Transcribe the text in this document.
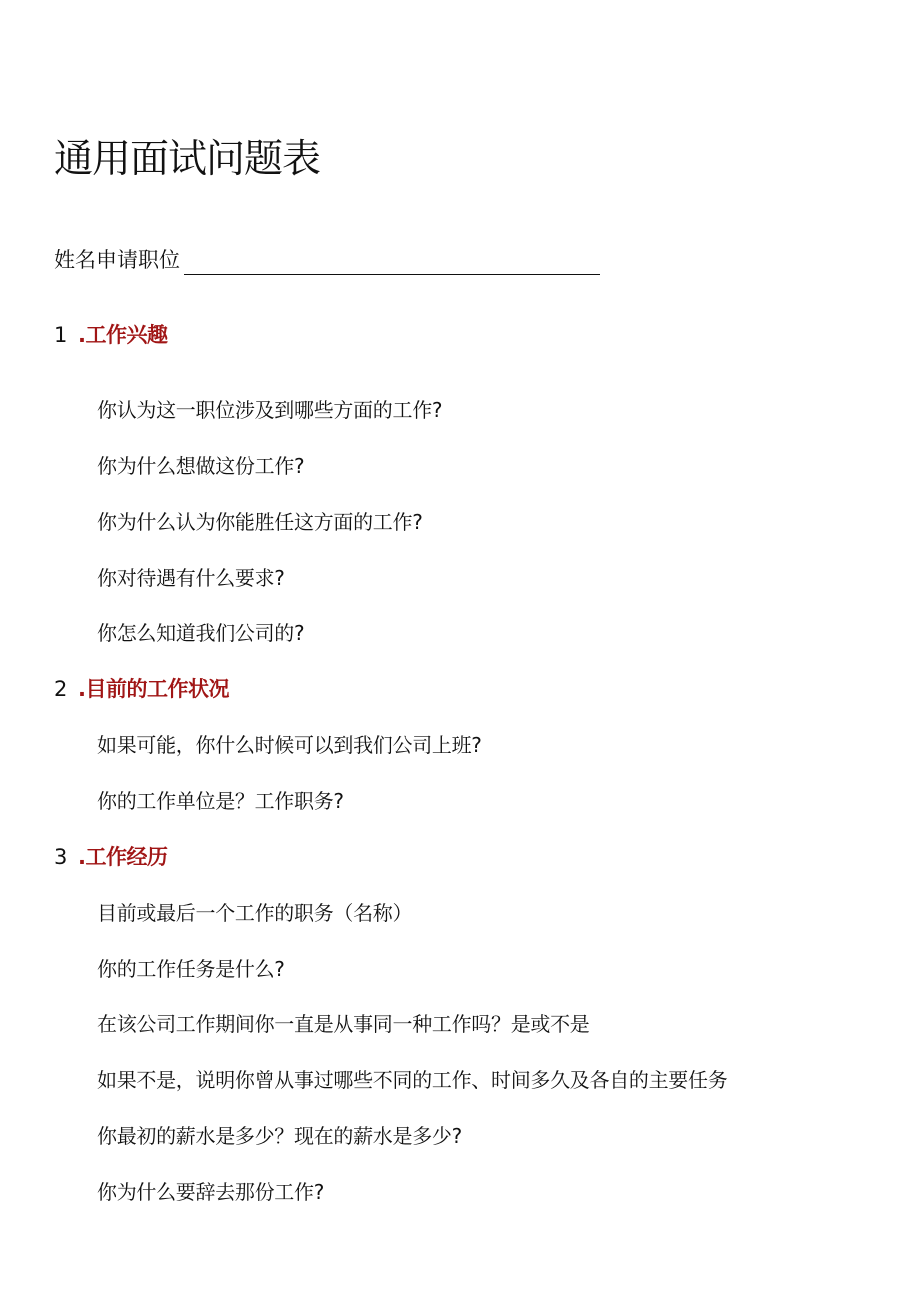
通用面试问题表
姓名申请职位
1 .工作兴趣
你认为这一职位涉及到哪些方面的工作?
你为什么想做这份工作?
你为什么认为你能胜任这方面的工作?
你对待遇有什么要求?
你怎么知道我们公司的?
2 .目前的工作状况
如果可能，你什么时候可以到我们公司上班?
你的工作单位是？工作职务?
3 .工作经历
目前或最后一个工作的职务（名称）
你的工作任务是什么?
在该公司工作期间你一直是从事同一种工作吗？是或不是
如果不是，说明你曾从事过哪些不同的工作、时间多久及各自的主要任务
你最初的薪水是多少？现在的薪水是多少?
你为什么要辞去那份工作?
